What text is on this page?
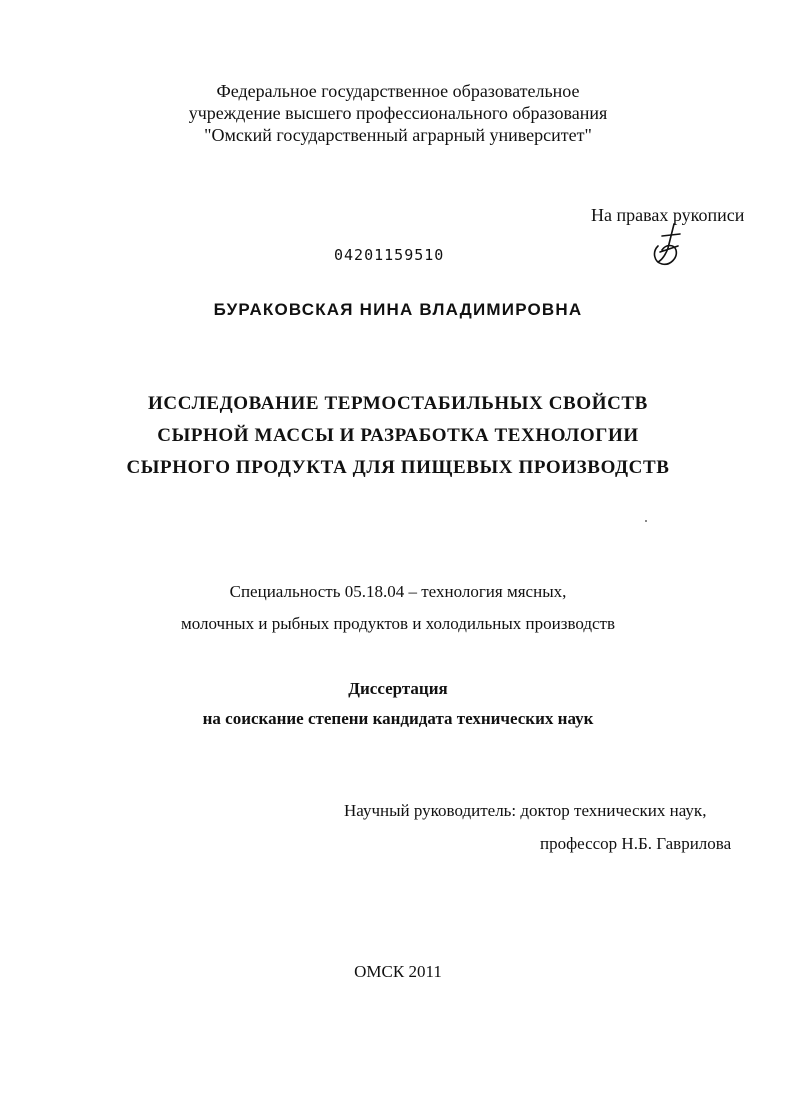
Федеральное государственное образовательное
учреждение высшего профессионального образования
"Омский государственный аграрный университет"
На правах рукописи
04201159510
БУРАКОВСКАЯ НИНА ВЛАДИМИРОВНА
ИССЛЕДОВАНИЕ ТЕРМОСТАБИЛЬНЫХ СВОЙСТВ
СЫРНОЙ МАССЫ И РАЗРАБОТКА ТЕХНОЛОГИИ
СЫРНОГО ПРОДУКТА ДЛЯ ПИЩЕВЫХ ПРОИЗВОДСТВ
Специальность 05.18.04 – технология мясных,
молочных и рыбных продуктов и холодильных производств
Диссертация
на соискание степени кандидата технических наук
Научный руководитель: доктор технических наук,
профессор Н.Б. Гаврилова
ОМСК 2011
